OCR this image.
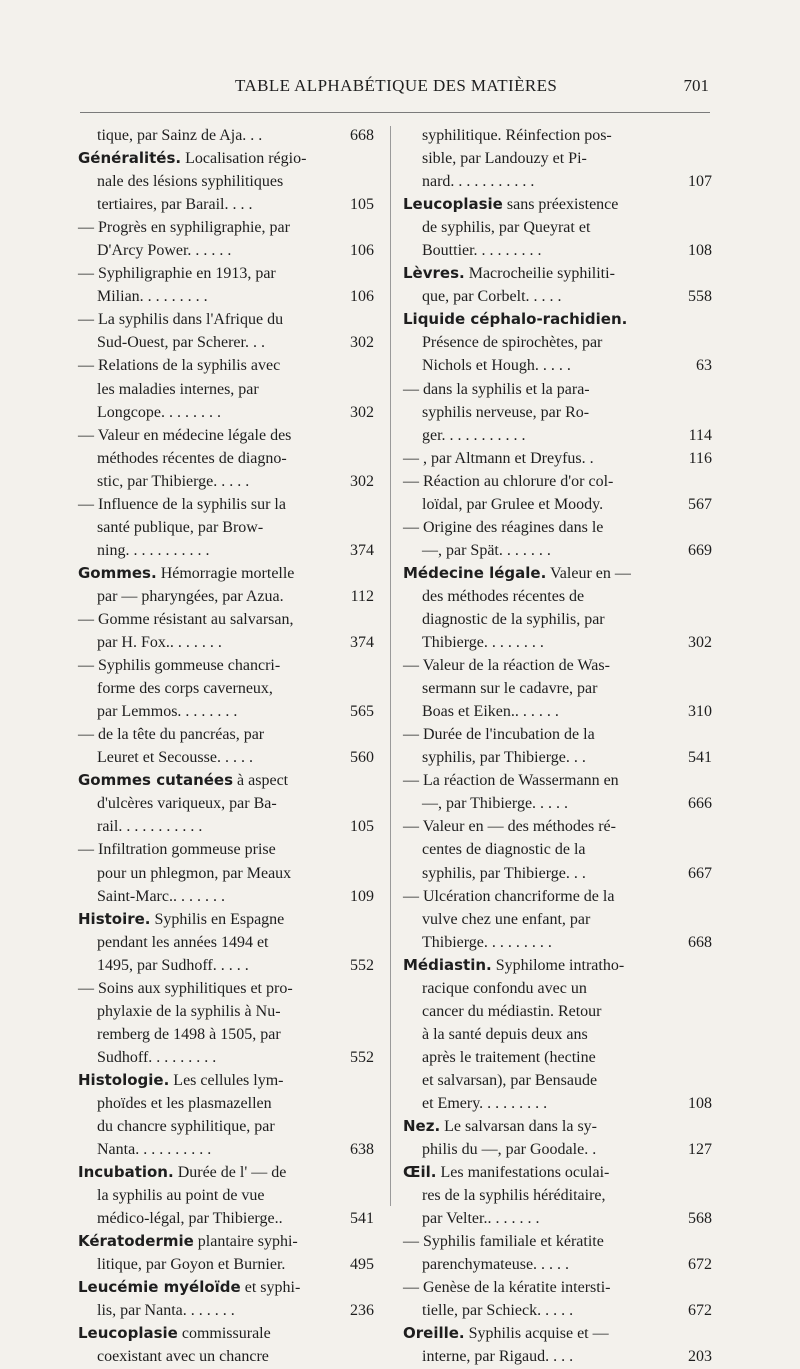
TABLE ALPHABÉTIQUE DES MATIÈRES	701
tique, par Sainz de Aja. . .	668
Généralités. Localisation régio-
nale des lésions syphilitiques
tertiaires, par Barail. . . .	105
— Progrès en syphiligraphie, par
D'Arcy Power. . . . . .	106
— Syphiligraphie en 1913, par
Milian. . . . . . . . .	106
— La syphilis dans l'Afrique du
Sud-Ouest, par Scherer. . .	302
— Relations de la syphilis avec
les maladies internes, par
Longcope. . . . . . . .	302
— Valeur en médecine légale des
méthodes récentes de diagno-
stic, par Thibierge. . . . .	302
— Influence de la syphilis sur la
santé publique, par Brow-
ning. . . . . . . . . . .	374
Gommes. Hémorragie mortelle
par — pharyngées, par Azua.	112
— Gomme résistant au salvarsan,
par H. Fox.. . . . . . .	374
— Syphilis gommeuse chancri-
forme des corps caverneux,
par Lemmos. . . . . . . .	565
— de la tête du pancréas, par
Leuret et Secousse. . . . .	560
Gommes cutanées à aspect
d'ulcères variqueux, par Ba-
rail. . . . . . . . . . .	105
— Infiltration gommeuse prise
pour un phlegmon, par Meaux
Saint-Marc.. . . . . . .	109
Histoire. Syphilis en Espagne
pendant les années 1494 et
1495, par Sudhoff. . . . .	552
— Soins aux syphilitiques et pro-
phylaxie de la syphilis à Nu-
remberg de 1498 à 1505, par
Sudhoff. . . . . . . . .	552
Histologie. Les cellules lym-
phoïdes et les plasmazellen
du chancre syphilitique, par
Nanta. . . . . . . . . .	638
Incubation. Durée de l' — de
la syphilis au point de vue
médico-légal, par Thibierge..	541
Kératodermie plantaire syphi-
litique, par Goyon et Burnier.	495
Leucémie myéloïde et syphi-
lis, par Nanta. . . . . . .	236
Leucoplasie commissurale
coexistant avec un chancre
syphilitique. Réinfection pos-
sible, par Landouzy et Pi-
nard. . . . . . . . . . .	107
Leucoplasie sans préexistence
de syphilis, par Queyrat et
Bouttier. . . . . . . . .	108
Lèvres. Macrocheilie syphiliti-
que, par Corbelt. . . . .	558
Liquide céphalo-rachidien.
Présence de spirochètes, par
Nichols et Hough. . . . .	63
— dans la syphilis et la para-
syphilis nerveuse, par Ro-
ger. . . . . . . . . . .	114
— , par Altmann et Dreyfus. .	116
— Réaction au chlorure d'or col-
loïdal, par Grulee et Moody.	567
— Origine des réagines dans le
—, par Spät. . . . . . .	669
Médecine légale. Valeur en —
des méthodes récentes de
diagnostic de la syphilis, par
Thibierge. . . . . . . .	302
— Valeur de la réaction de Was-
sermann sur le cadavre, par
Boas et Eiken.. . . . . .	310
— Durée de l'incubation de la
syphilis, par Thibierge. . .	541
— La réaction de Wassermann en
—, par Thibierge. . . . .	666
— Valeur en — des méthodes ré-
centes de diagnostic de la
syphilis, par Thibierge. . .	667
— Ulcération chancriforme de la
vulve chez une enfant, par
Thibierge. . . . . . . . .	668
Médiastin. Syphilome intratho-
racique confondu avec un
cancer du médiastin. Retour
à la santé depuis deux ans
après le traitement (hectine
et salvarsan), par Bensaude
et Emery. . . . . . . . .	108
Nez. Le salvarsan dans la sy-
philis du —, par Goodale. .	127
Œil. Les manifestations oculai-
res de la syphilis héréditaire,
par Velter.. . . . . . .	568
— Syphilis familiale et kératite
parenchymateuse. . . . .	672
— Genèse de la kératite intersti-
tielle, par Schieck. . . . .	672
Oreille. Syphilis acquise et —
interne, par Rigaud. . . .	203
